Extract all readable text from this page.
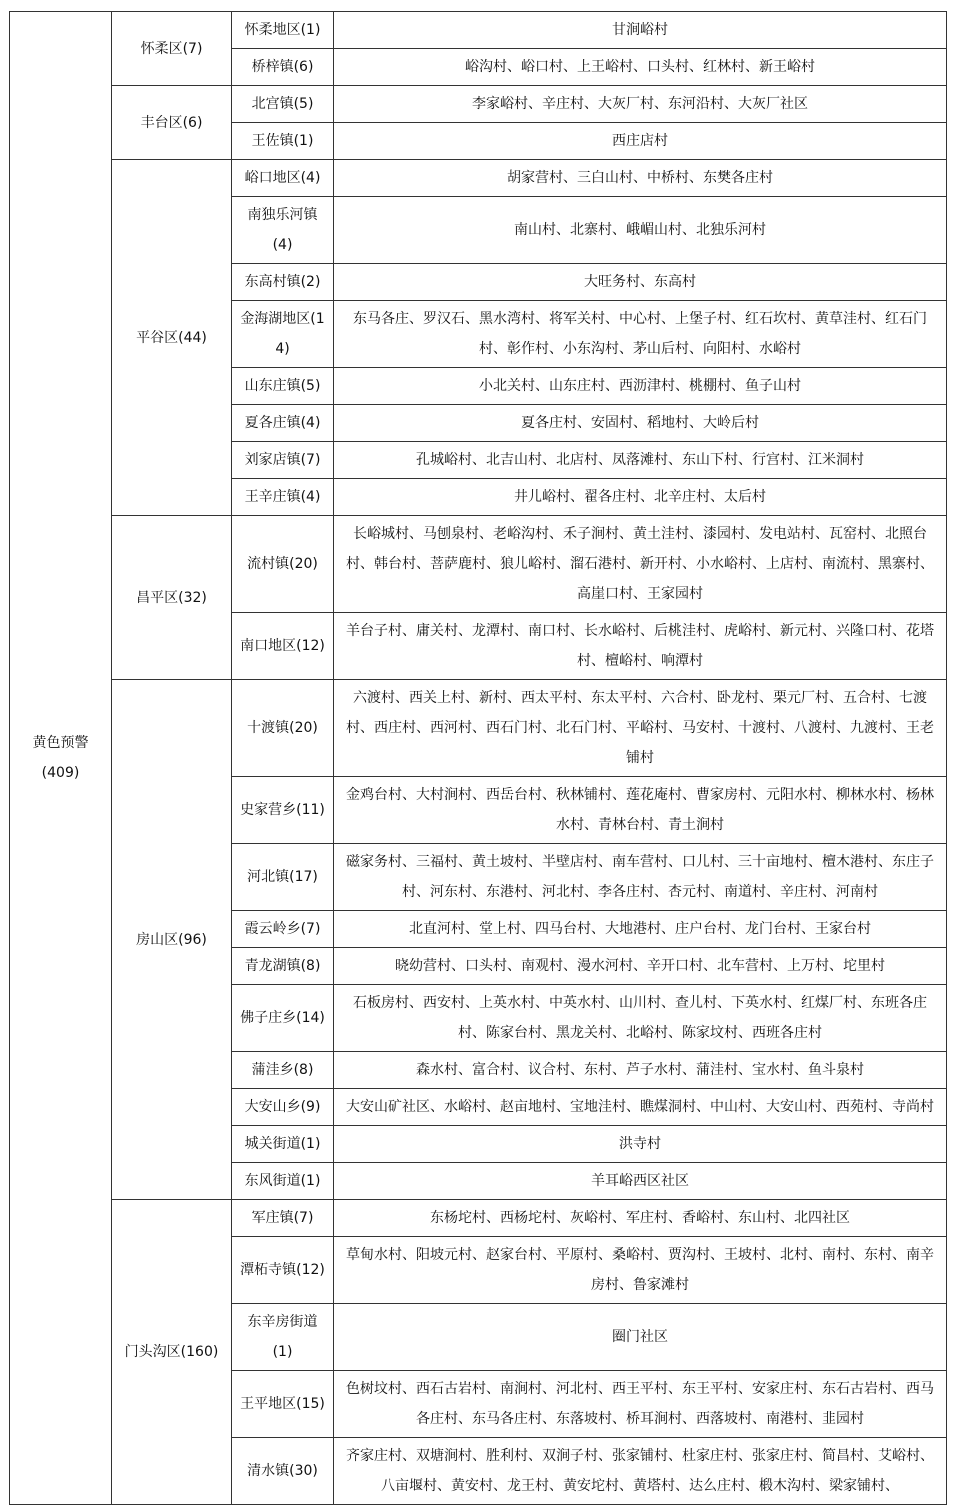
黄色预警
(409)	怀柔区(7)	怀柔地区(1)	甘涧峪村
		桥梓镇(6)	峪沟村、峪口村、上王峪村、口头村、红林村、新王峪村
	丰台区(6)	北宫镇(5)	李家峪村、辛庄村、大灰厂村、东河沿村、大灰厂社区
		王佐镇(1)	西庄店村
	平谷区(44)	峪口地区(4)	胡家营村、三白山村、中桥村、东樊各庄村
		南独乐河镇(4)	南山村、北寨村、峨嵋山村、北独乐河村
		东高村镇(2)	大旺务村、东高村
		金海湖地区(14)	东马各庄、罗汉石、黑水湾村、将军关村、中心村、上堡子村、红石坎村、黄草洼村、红石门村、彰作村、小东沟村、茅山后村、向阳村、水峪村
		山东庄镇(5)	小北关村、山东庄村、西沥津村、桃棚村、鱼子山村
		夏各庄镇(4)	夏各庄村、安固村、稻地村、大岭后村
		刘家店镇(7)	孔城峪村、北吉山村、北店村、凤落滩村、东山下村、行宫村、江米洞村
		王辛庄镇(4)	井儿峪村、翟各庄村、北辛庄村、太后村
	昌平区(32)	流村镇(20)	长峪城村、马刨泉村、老峪沟村、禾子涧村、黄土洼村、漆园村、发电站村、瓦窑村、北照台村、韩台村、菩萨鹿村、狼儿峪村、溜石港村、新开村、小水峪村、上店村、南流村、黑寨村、高崖口村、王家园村
		南口地区(12)	羊台子村、庸关村、龙潭村、南口村、长水峪村、后桃洼村、虎峪村、新元村、兴隆口村、花塔村、檀峪村、响潭村
	房山区(96)	十渡镇(20)	六渡村、西关上村、新村、西太平村、东太平村、六合村、卧龙村、栗元厂村、五合村、七渡村、西庄村、西河村、西石门村、北石门村、平峪村、马安村、十渡村、八渡村、九渡村、王老铺村
		史家营乡(11)	金鸡台村、大村涧村、西岳台村、秋林铺村、莲花庵村、曹家房村、元阳水村、柳林水村、杨林水村、青林台村、青土涧村
		河北镇(17)	磁家务村、三福村、黄土坡村、半壁店村、南车营村、口儿村、三十亩地村、檀木港村、东庄子村、河东村、东港村、河北村、李各庄村、杏元村、南道村、辛庄村、河南村
		霞云岭乡(7)	北直河村、堂上村、四马台村、大地港村、庄户台村、龙门台村、王家台村
		青龙湖镇(8)	晓幼营村、口头村、南观村、漫水河村、辛开口村、北车营村、上万村、坨里村
		佛子庄乡(14)	石板房村、西安村、上英水村、中英水村、山川村、查儿村、下英水村、红煤厂村、东班各庄村、陈家台村、黑龙关村、北峪村、陈家坟村、西班各庄村
		蒲洼乡(8)	森水村、富合村、议合村、东村、芦子水村、蒲洼村、宝水村、鱼斗泉村
		大安山乡(9)	大安山矿社区、水峪村、赵亩地村、宝地洼村、瞧煤洞村、中山村、大安山村、西苑村、寺尚村
		城关街道(1)	洪寺村
		东风街道(1)	羊耳峪西区社区
	门头沟区(160)	军庄镇(7)	东杨坨村、西杨坨村、灰峪村、军庄村、香峪村、东山村、北四社区
		潭柘寺镇(12)	草甸水村、阳坡元村、赵家台村、平原村、桑峪村、贾沟村、王坡村、北村、南村、东村、南辛房村、鲁家滩村
		东辛房街道(1)	圈门社区
		王平地区(15)	色树坟村、西石古岩村、南涧村、河北村、西王平村、东王平村、安家庄村、东石古岩村、西马各庄村、东马各庄村、东落坡村、桥耳涧村、西落坡村、南港村、韭园村
		清水镇(30)	齐家庄村、双塘涧村、胜利村、双涧子村、张家铺村、杜家庄村、张家庄村、简昌村、艾峪村、八亩堰村、黄安村、龙王村、黄安坨村、黄塔村、达么庄村、椴木沟村、梁家铺村、
